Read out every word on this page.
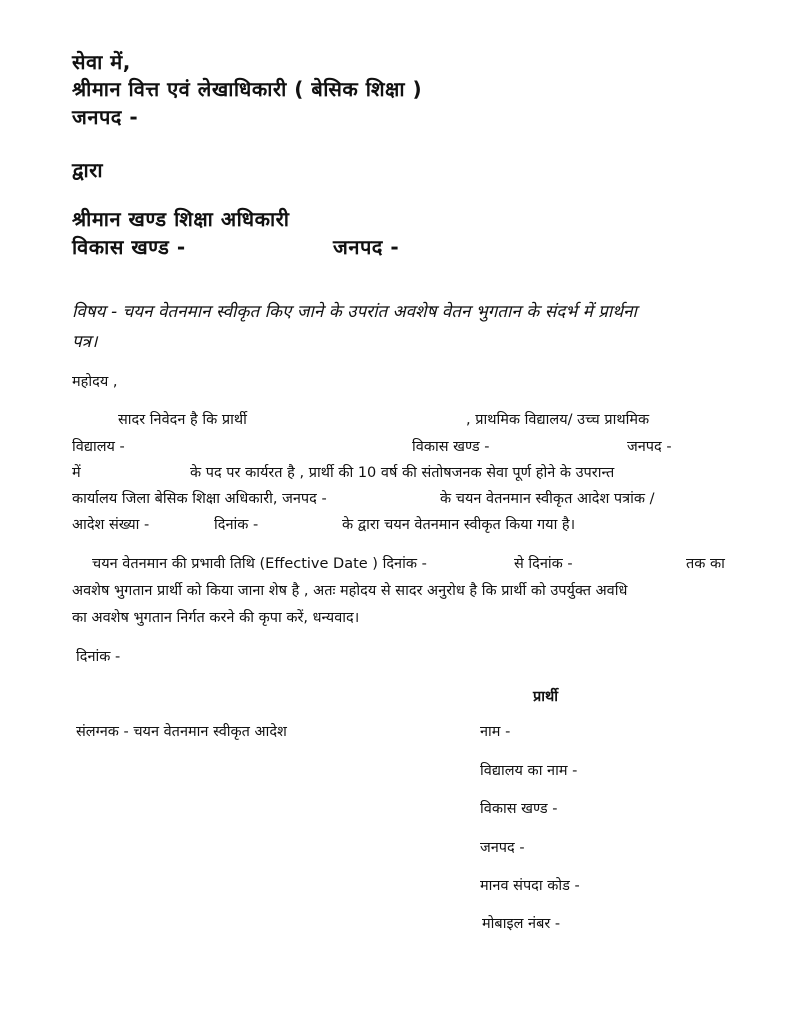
सेवा में,
श्रीमान वित्त एवं लेखाधिकारी ( बेसिक शिक्षा )
जनपद -
द्वारा
श्रीमान खण्ड शिक्षा अधिकारी
विकास खण्ड -	जनपद -
विषय - चयन वेतनमान स्वीकृत किए जाने के उपरांत अवशेष वेतन भुगतान के संदर्भ में प्रार्थना
पत्र।
महोदय ,
सादर निवेदन है कि प्रार्थी	, प्राथमिक विद्यालय/ उच्च प्राथमिक
विद्यालय -	विकास खण्ड -	जनपद -
में	के पद पर कार्यरत है , प्रार्थी की 10 वर्ष की संतोषजनक सेवा पूर्ण होने के उपरान्त
कार्यालय जिला बेसिक शिक्षा अधिकारी, जनपद -	के चयन वेतनमान स्वीकृत आदेश पत्रांक /
आदेश संख्या -	दिनांक -	के द्वारा चयन वेतनमान स्वीकृत किया गया है।
चयन वेतनमान की प्रभावी तिथि (Effective Date ) दिनांक -	से दिनांक -	तक का
अवशेष भुगतान प्रार्थी को किया जाना शेष है , अतः महोदय से सादर अनुरोध है कि प्रार्थी को उपर्युक्त अवधि
का अवशेष भुगतान निर्गत करने की कृपा करें, धन्यवाद।
दिनांक -
प्रार्थी
संलग्नक - चयन वेतनमान स्वीकृत आदेश	नाम -
विद्यालय का नाम -
विकास खण्ड -
जनपद -
मानव संपदा कोड -
मोबाइल नंबर -
